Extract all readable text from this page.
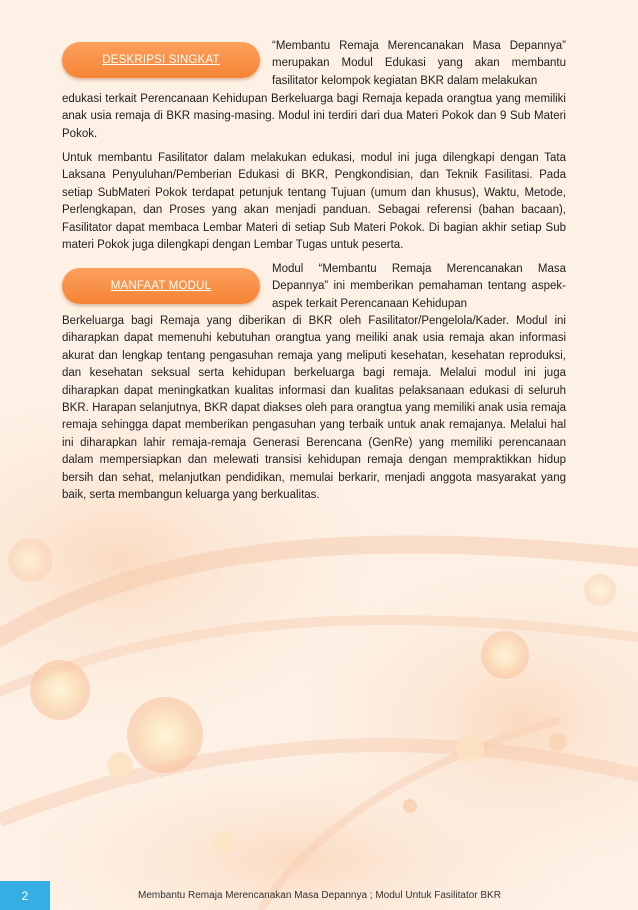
DESKRIPSI SINGKAT

“Membantu Remaja Merencanakan Masa Depannya” merupakan Modul Edukasi yang akan membantu fasilitator kelompok kegiatan BKR dalam melakukan

edukasi terkait Perencanaan Kehidupan Berkeluarga bagi Remaja kepada orangtua yang memiliki anak usia remaja di BKR masing-masing. Modul ini terdiri dari dua Materi Pokok dan 9 Sub Materi Pokok.

Untuk membantu Fasilitator dalam melakukan edukasi, modul ini juga dilengkapi dengan Tata Laksana Penyuluhan/Pemberian Edukasi di BKR, Pengkondisian, dan Teknik Fasilitasi. Pada setiap SubMateri Pokok terdapat petunjuk tentang Tujuan (umum dan khusus), Waktu, Metode, Perlengkapan, dan Proses yang akan menjadi panduan. Sebagai referensi (bahan bacaan), Fasilitator dapat membaca Lembar Materi di setiap Sub Materi Pokok. Di bagian akhir setiap Sub materi Pokok juga dilengkapi dengan Lembar Tugas untuk peserta.

MANFAAT MODUL

Modul “Membantu Remaja Merencanakan Masa Depannya” ini memberikan pemahaman tentang aspek-aspek terkait Perencanaan Kehidupan

Berkeluarga bagi Remaja yang diberikan di BKR oleh Fasilitator/Pengelola/Kader. Modul ini diharapkan dapat memenuhi kebutuhan orangtua yang meiliki anak usia remaja akan informasi akurat dan lengkap tentang pengasuhan remaja yang meliputi kesehatan, kesehatan reproduksi, dan kesehatan seksual serta kehidupan berkeluarga bagi remaja. Melalui modul ini juga diharapkan dapat meningkatkan kualitas informasi dan kualitas pelaksanaan edukasi di seluruh BKR. Harapan selanjutnya, BKR dapat diakses oleh para orangtua yang memiliki anak usia remaja remaja sehingga dapat memberikan pengasuhan yang terbaik untuk anak remajanya. Melalui hal ini diharapkan lahir remaja-remaja Generasi Berencana (GenRe) yang memiliki perencanaan dalam mempersiapkan dan melewati transisi kehidupan remaja dengan mempraktikkan hidup bersih dan sehat, melanjutkan pendidikan, memulai berkarir, menjadi anggota masyarakat yang baik, serta membangun keluarga yang berkualitas.

2	Membantu Remaja Merencanakan Masa Depannya ; Modul Untuk Fasilitator BKR
